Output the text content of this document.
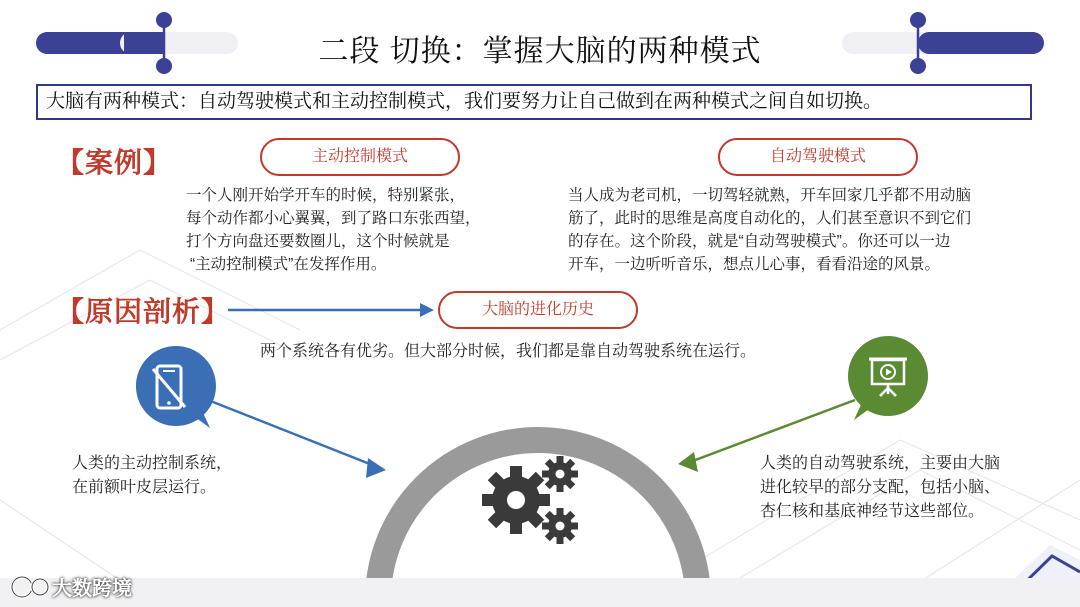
二段 切换：掌握大脑的两种模式
大脑有两种模式：自动驾驶模式和主动控制模式，我们要努力让自己做到在两种模式之间自如切换。
【案例】	主动控制模式	自动驾驶模式
一个人刚开始学开车的时候，特别紧张，
每个动作都小心翼翼，到了路口东张西望，
打个方向盘还要数圈儿，这个时候就是
“主动控制模式”在发挥作用。
当人成为老司机，一切驾轻就熟，开车回家几乎都不用动脑
筋了，此时的思维是高度自动化的，人们甚至意识不到它们
的存在。这个阶段，就是“自动驾驶模式”。你还可以一边
开车，一边听听音乐，想点儿心事，看看沿途的风景。
【原因剖析】	大脑的进化历史
两个系统各有优劣。但大部分时候，我们都是靠自动驾驶系统在运行。
人类的主动控制系统，
在前额叶皮层运行。
人类的自动驾驶系统，主要由大脑
进化较早的部分支配，包括小脑、
杏仁核和基底神经节这些部位。
大数跨境
